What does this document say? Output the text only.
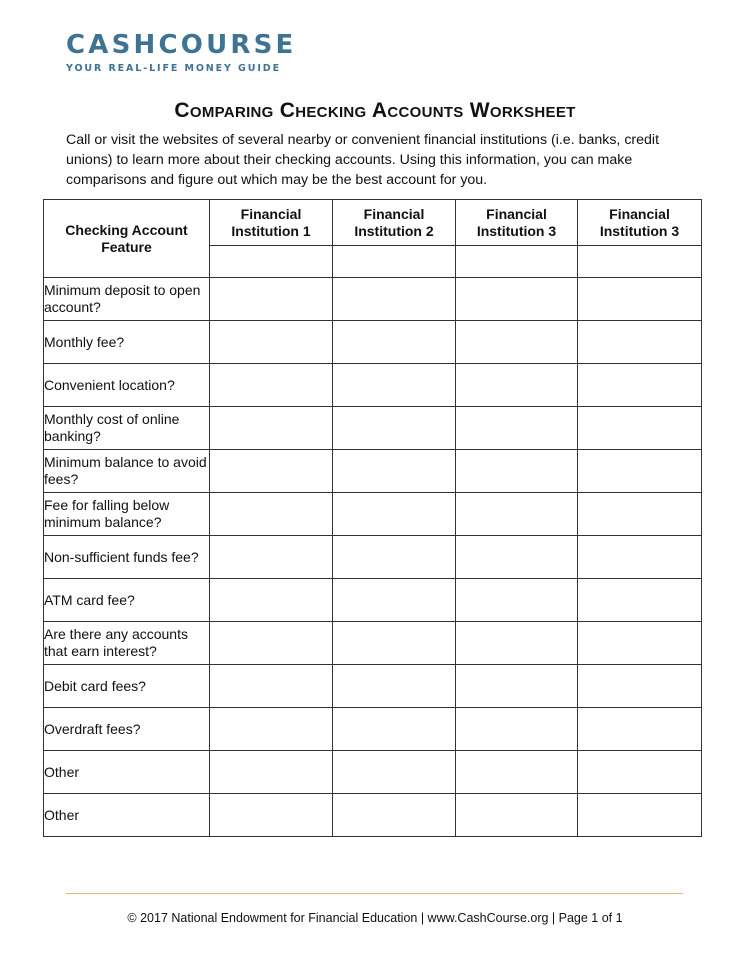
CASHCOURSE
YOUR REAL-LIFE MONEY GUIDE
Comparing Checking Accounts Worksheet
Call or visit the websites of several nearby or convenient financial institutions (i.e. banks, credit unions) to learn more about their checking accounts. Using this information, you can make comparisons and figure out which may be the best account for you.
Checking Account Feature	Financial Institution 1	Financial Institution 2	Financial Institution 3	Financial Institution 3

Minimum deposit to open account?				
Monthly fee?				
Convenient location?				
Monthly cost of online banking?				
Minimum balance to avoid fees?				
Fee for falling below minimum balance?				
Non-sufficient funds fee?				
ATM card fee?				
Are there any accounts that earn interest?				
Debit card fees?				
Overdraft fees?				
Other				
Other				
© 2017 National Endowment for Financial Education | www.CashCourse.org | Page 1 of 1
